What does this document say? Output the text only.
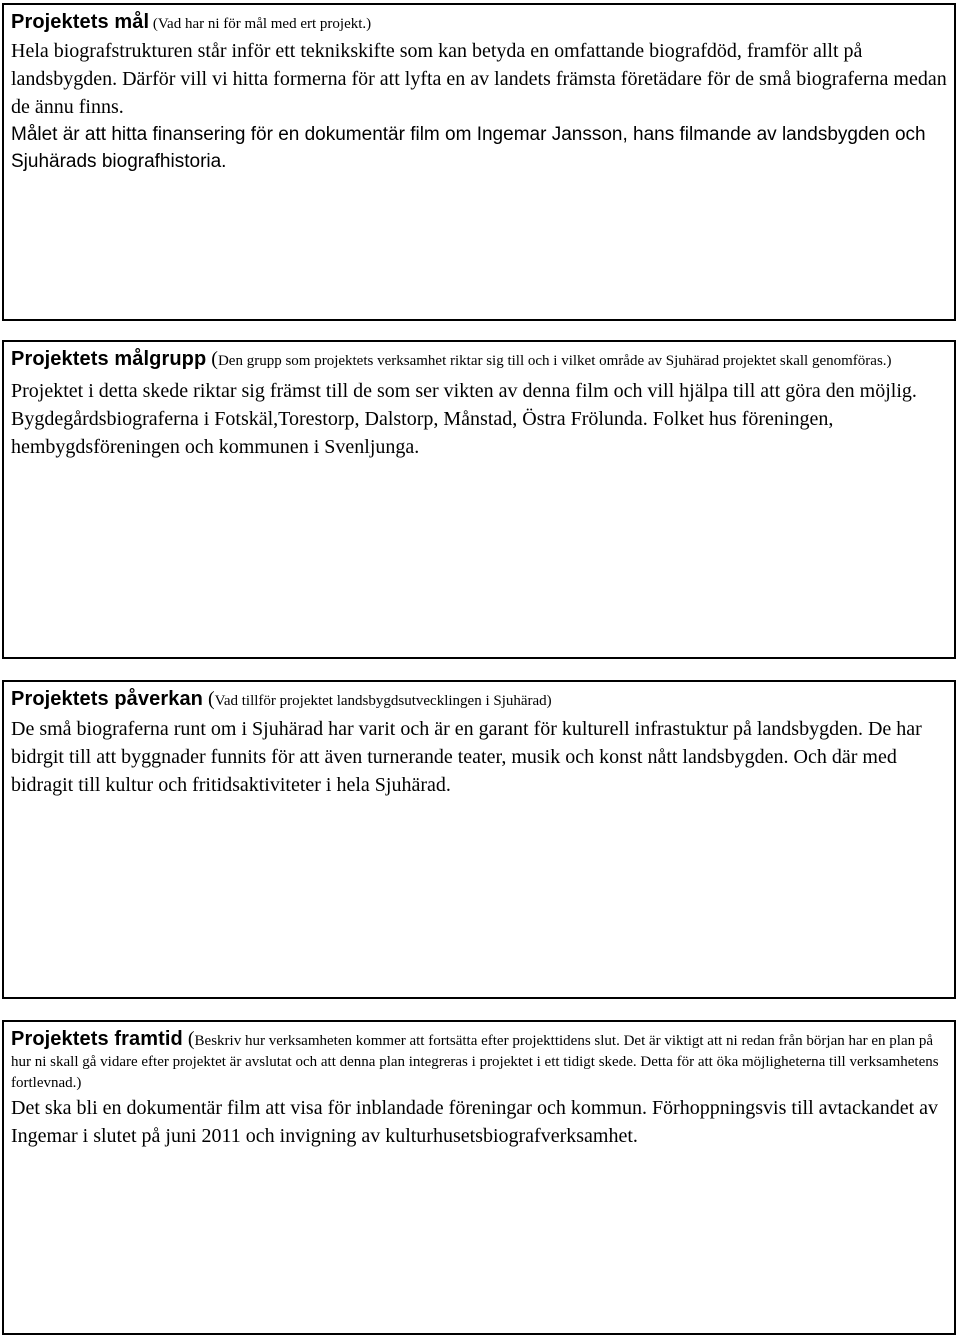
Projektets mål (Vad har ni för mål med ert projekt.)

Hela biografstrukturen står inför ett teknikskifte som kan betyda en omfattande biografdöd, framför allt på landsbygden. Därför vill vi hitta formerna för att lyfta en av landets främsta företädare för de små biograferna medan de ännu finns.

Målet är att hitta finansering för en dokumentär film om Ingemar Jansson, hans filmande av landsbygden och Sjuhärads biografhistoria.

Projektets målgrupp (Den grupp som projektets verksamhet riktar sig till och i vilket område av Sjuhärad projektet skall genomföras.)

Projektet i detta skede riktar sig främst till de som ser vikten av denna film och vill hjälpa till att göra den möjlig.

Bygdegårdsbiograferna i Fotskäl,Torestorp, Dalstorp, Månstad, Östra Frölunda. Folket hus föreningen, hembygdsföreningen och kommunen i Svenljunga.

Projektets påverkan (Vad tillför projektet landsbygdsutvecklingen i Sjuhärad)

De små biograferna runt om i Sjuhärad har varit och är en garant för kulturell infrastuktur på landsbygden. De har bidrgit till att byggnader funnits för att även turnerande teater, musik och konst nått landsbygden. Och där med bidragit till kultur och fritidsaktiviteter i hela Sjuhärad.

Projektets framtid (Beskriv hur verksamheten kommer att fortsätta efter projekttidens slut. Det är viktigt att ni redan från början har en plan på hur ni skall gå vidare efter projektet är avslutat och att denna plan integreras i projektet i ett tidigt skede. Detta för att öka möjligheterna till verksamhetens fortlevnad.)

Det ska bli en dokumentär film att visa för inblandade föreningar och kommun. Förhoppningsvis till avtackandet av Ingemar i slutet på juni 2011 och invigning av kulturhusetsbiografverksamhet.
